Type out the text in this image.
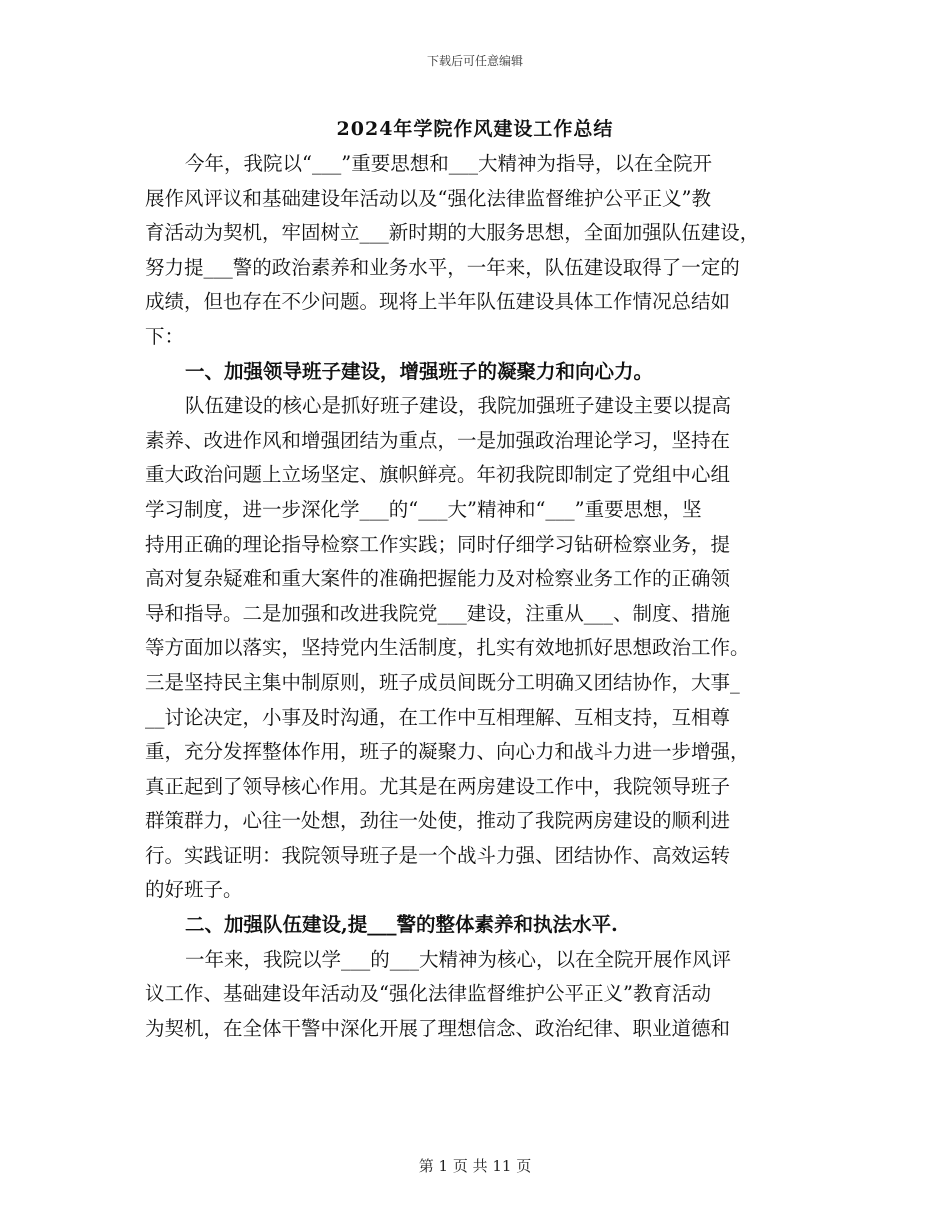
下载后可任意编辑
2024年学院作风建设工作总结
今年，我院以“___”重要思想和___大精神为指导，以在全院开
展作风评议和基础建设年活动以及“强化法律监督维护公平正义”教
育活动为契机，牢固树立___新时期的大服务思想，全面加强队伍建设，
努力提___警的政治素养和业务水平，一年来，队伍建设取得了一定的
成绩，但也存在不少问题。现将上半年队伍建设具体工作情况总结如
下：
一、加强领导班子建设，增强班子的凝聚力和向心力。
队伍建设的核心是抓好班子建设，我院加强班子建设主要以提高
素养、改进作风和增强团结为重点，一是加强政治理论学习，坚持在
重大政治问题上立场坚定、旗帜鲜亮。年初我院即制定了党组中心组
学习制度，进一步深化学___的“___大”精神和“___”重要思想，坚
持用正确的理论指导检察工作实践；同时仔细学习钻研检察业务，提
高对复杂疑难和重大案件的准确把握能力及对检察业务工作的正确领
导和指导。二是加强和改进我院党___建设，注重从___、制度、措施
等方面加以落实，坚持党内生活制度，扎实有效地抓好思想政治工作。
三是坚持民主集中制原则，班子成员间既分工明确又团结协作，大事_
__讨论决定，小事及时沟通，在工作中互相理解、互相支持，互相尊
重，充分发挥整体作用，班子的凝聚力、向心力和战斗力进一步增强，
真正起到了领导核心作用。尤其是在两房建设工作中，我院领导班子
群策群力，心往一处想，劲往一处使，推动了我院两房建设的顺利进
行。实践证明：我院领导班子是一个战斗力强、团结协作、高效运转
的好班子。
二、加强队伍建设,提___警的整体素养和执法水平.
一年来，我院以学___的___大精神为核心，以在全院开展作风评
议工作、基础建设年活动及“强化法律监督维护公平正义”教育活动
为契机，在全体干警中深化开展了理想信念、政治纪律、职业道德和
第 1 页 共 11 页
